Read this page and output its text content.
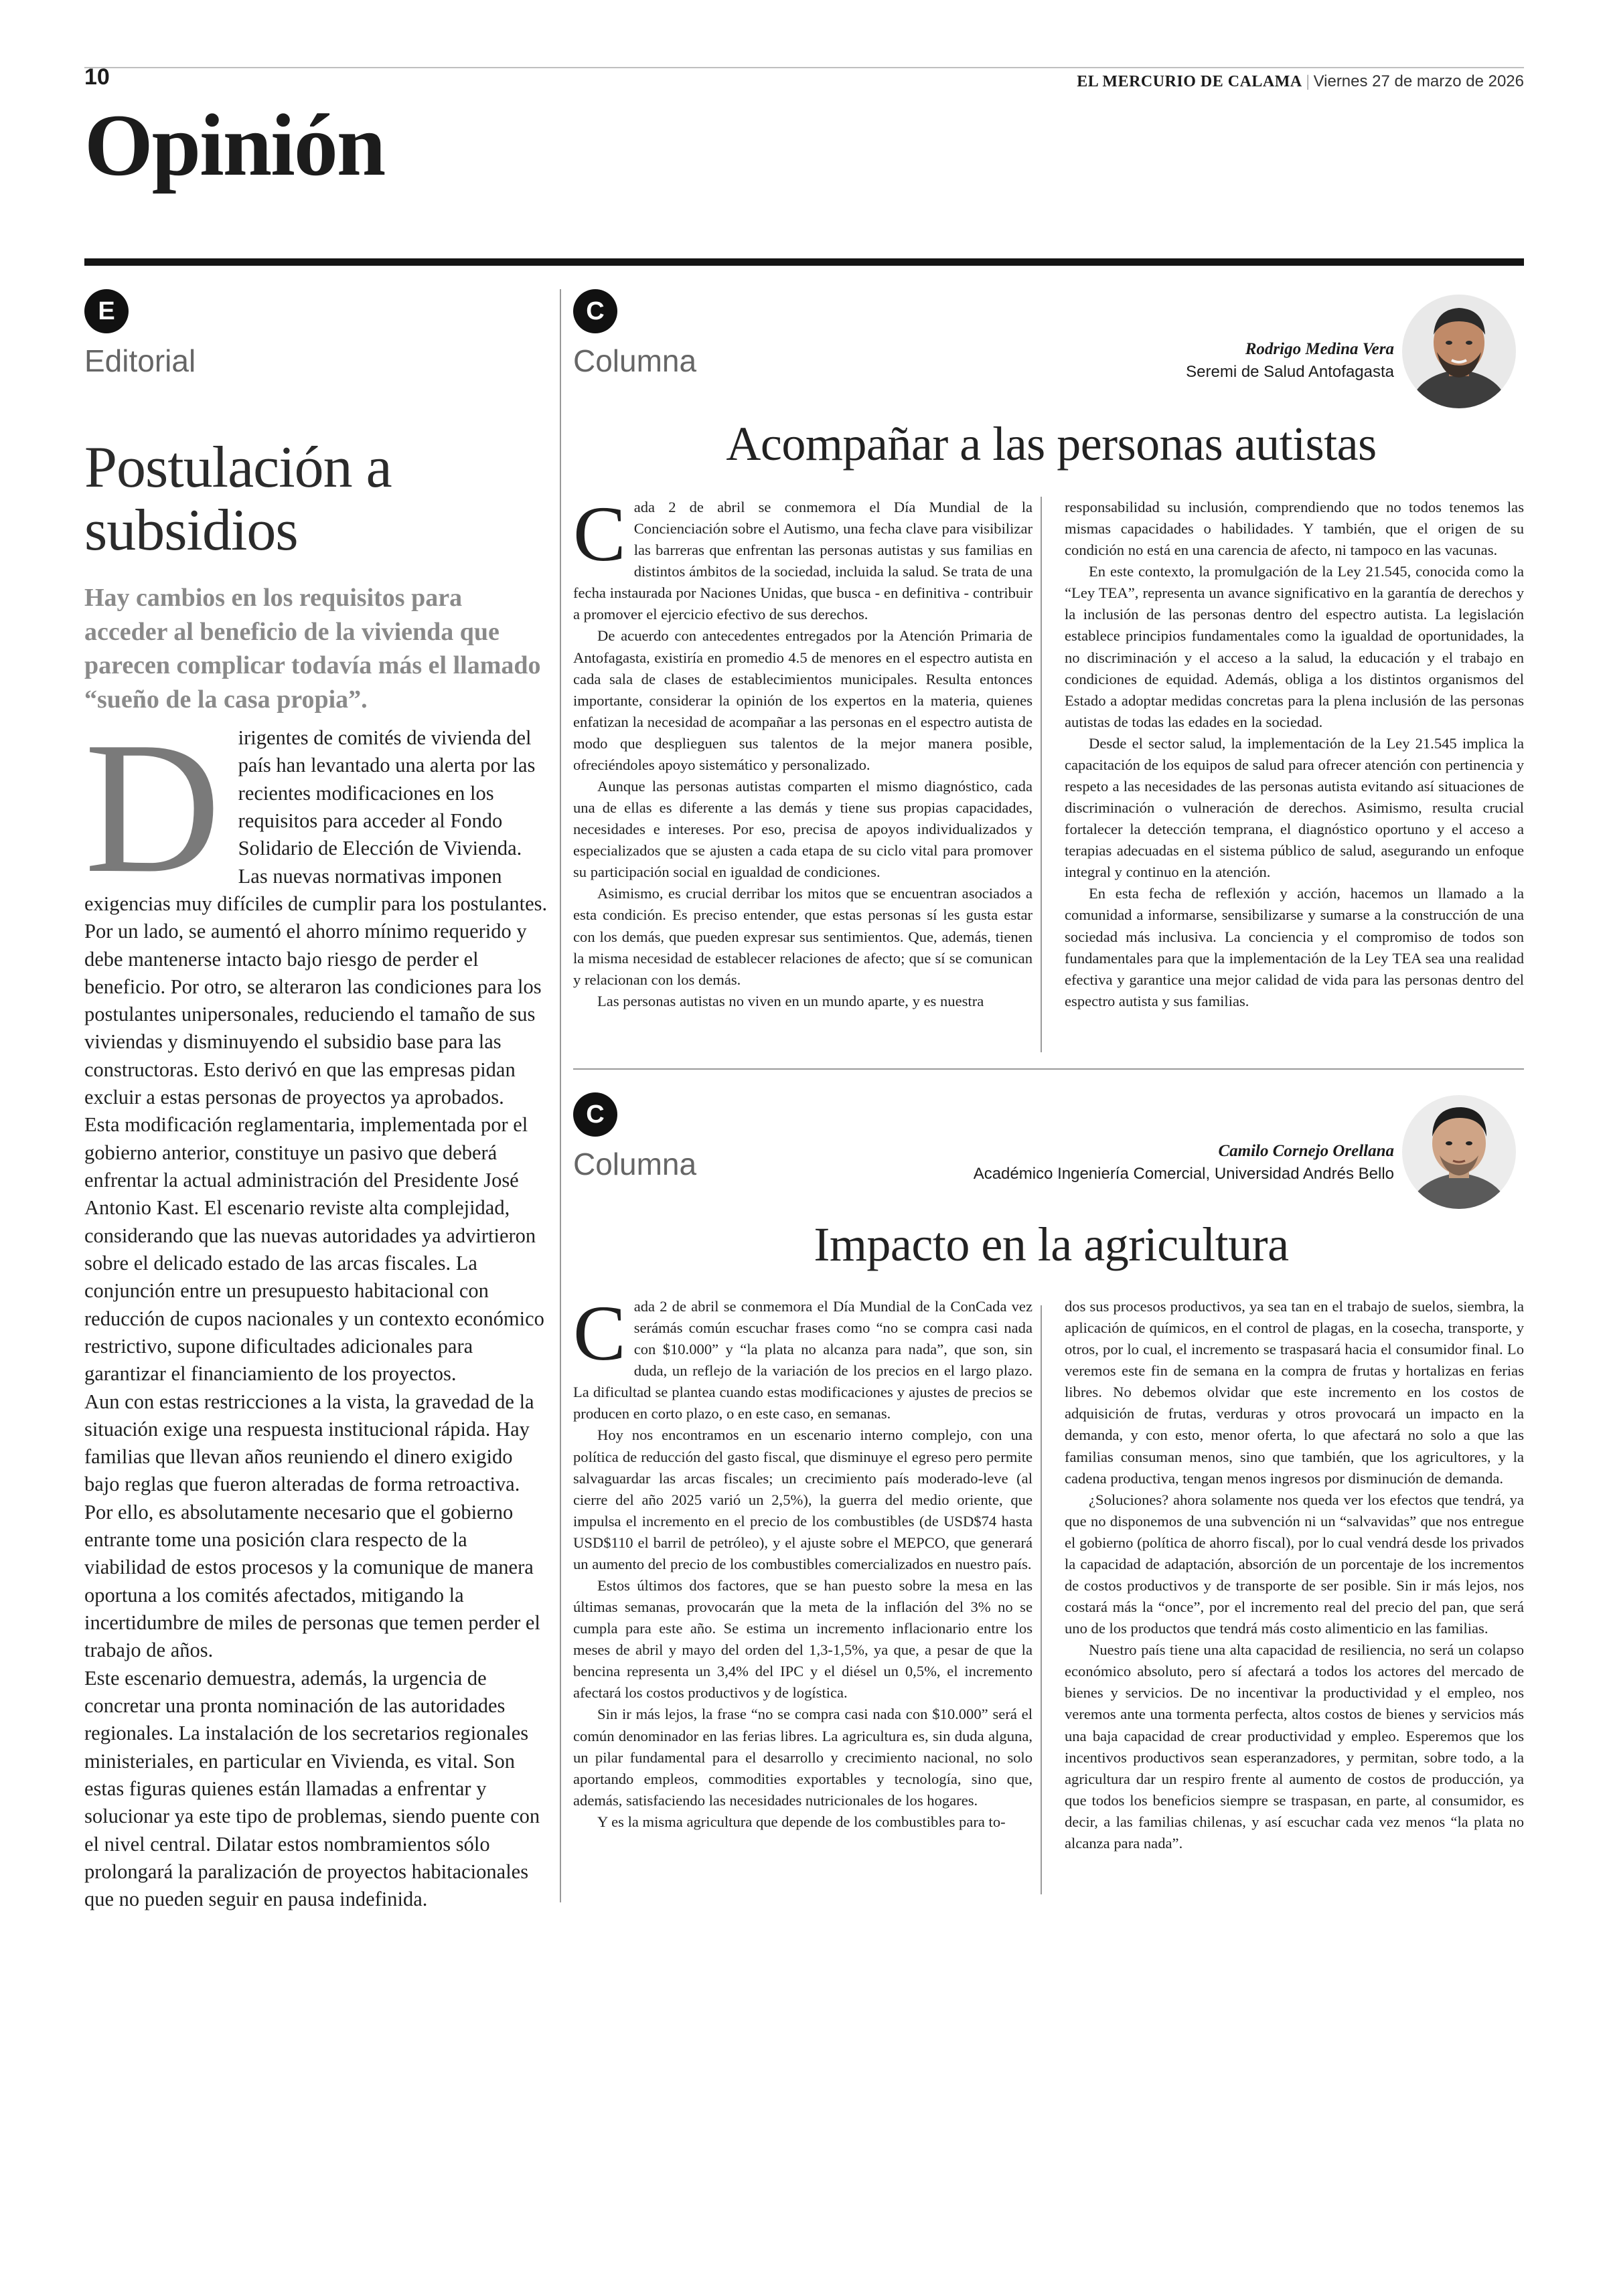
10	EL MERCURIO DE CALAMA | Viernes 27 de marzo de 2026
Opinión
E
Editorial
Postulación a subsidios
Hay cambios en los requisitos para acceder al beneficio de la vivienda que parecen complicar todavía más el llamado “sueño de la casa propia”.
D irigentes de comités de vivienda del país han levantado una alerta por las recientes modificaciones en los requisitos para acceder al Fondo Solidario de Elección de Vivienda. Las nuevas normativas imponen exigencias muy difíciles de cumplir para los postulantes. Por un lado, se aumentó el ahorro mínimo requerido y debe mantenerse intacto bajo riesgo de perder el beneficio. Por otro, se alteraron las condiciones para los postulantes unipersonales, reduciendo el tamaño de sus viviendas y disminuyendo el subsidio base para las constructoras. Esto derivó en que las empresas pidan excluir a estas personas de proyectos ya aprobados.

Esta modificación reglamentaria, implementada por el gobierno anterior, constituye un pasivo que deberá enfrentar la actual administración del Presidente José Antonio Kast. El escenario reviste alta complejidad, considerando que las nuevas autoridades ya advirtieron sobre el delicado estado de las arcas fiscales. La conjunción entre un presupuesto habitacional con reducción de cupos nacionales y un contexto económico restrictivo, supone dificultades adicionales para garantizar el financiamiento de los proyectos.

Aun con estas restricciones a la vista, la gravedad de la situación exige una respuesta institucional rápida. Hay familias que llevan años reuniendo el dinero exigido bajo reglas que fueron alteradas de forma retroactiva. Por ello, es absolutamente necesario que el gobierno entrante tome una posición clara respecto de la viabilidad de estos procesos y la comunique de manera oportuna a los comités afectados, mitigando la incertidumbre de miles de personas que temen perder el trabajo de años.

Este escenario demuestra, además, la urgencia de concretar una pronta nominación de las autoridades regionales. La instalación de los secretarios regionales ministeriales, en particular en Vivienda, es vital. Son estas figuras quienes están llamadas a enfrentar y solucionar ya este tipo de problemas, siendo puente con el nivel central. Dilatar estos nombramientos sólo prolongará la paralización de proyectos habitacionales que no pueden seguir en pausa indefinida.

C
Columna	Rodrigo Medina Vera
Seremi de Salud Antofagasta
Acompañar a las personas autistas
C ada 2 de abril se conmemora el Día Mundial de la Concienciación sobre el Autismo, una fecha clave para visibilizar las barreras que enfrentan las personas autistas y sus familias en distintos ámbitos de la sociedad, incluida la salud. Se trata de una fecha instaurada por Naciones Unidas, que busca - en definitiva - contribuir a promover el ejercicio efectivo de sus derechos.

De acuerdo con antecedentes entregados por la Atención Primaria de Antofagasta, existiría en promedio 4.5 de menores en el espectro autista en cada sala de clases de establecimientos municipales. Resulta entonces importante, considerar la opinión de los expertos en la materia, quienes enfatizan la necesidad de acompañar a las personas en el espectro autista de modo que desplieguen sus talentos de la mejor manera posible, ofreciéndoles apoyo sistemático y personalizado.

Aunque las personas autistas comparten el mismo diagnóstico, cada una de ellas es diferente a las demás y tiene sus propias capacidades, necesidades e intereses. Por eso, precisa de apoyos individualizados y especializados que se ajusten a cada etapa de su ciclo vital para promover su participación social en igualdad de condiciones.

Asimismo, es crucial derribar los mitos que se encuentran asociados a esta condición. Es preciso entender, que estas personas sí les gusta estar con los demás, que pueden expresar sus sentimientos. Que, además, tienen la misma necesidad de establecer relaciones de afecto; que sí se comunican y relacionan con los demás.

Las personas autistas no viven en un mundo aparte, y es nuestra

responsabilidad su inclusión, comprendiendo que no todos tenemos las mismas capacidades o habilidades. Y también, que el origen de su condición no está en una carencia de afecto, ni tampoco en las vacunas.

En este contexto, la promulgación de la Ley 21.545, conocida como la “Ley TEA”, representa un avance significativo en la garantía de derechos y la inclusión de las personas dentro del espectro autista. La legislación establece principios fundamentales como la igualdad de oportunidades, la no discriminación y el acceso a la salud, la educación y el trabajo en condiciones de equidad. Además, obliga a los distintos organismos del Estado a adoptar medidas concretas para la plena inclusión de las personas autistas de todas las edades en la sociedad.

Desde el sector salud, la implementación de la Ley 21.545 implica la capacitación de los equipos de salud para ofrecer atención con pertinencia y respeto a las necesidades de las personas autista evitando así situaciones de discriminación o vulneración de derechos. Asimismo, resulta crucial fortalecer la detección temprana, el diagnóstico oportuno y el acceso a terapias adecuadas en el sistema público de salud, asegurando un enfoque integral y continuo en la atención.

En esta fecha de reflexión y acción, hacemos un llamado a la comunidad a informarse, sensibilizarse y sumarse a la construcción de una sociedad más inclusiva. La conciencia y el compromiso de todos son fundamentales para que la implementación de la Ley TEA sea una realidad efectiva y garantice una mejor calidad de vida para las personas dentro del espectro autista y sus familias.

C
Columna	Camilo Cornejo Orellana
Académico Ingeniería Comercial, Universidad Andrés Bello
Impacto en la agricultura
C ada 2 de abril se conmemora el Día Mundial de la ConCada vez serámás común escuchar frases como “no se compra casi nada con $10.000” y “la plata no alcanza para nada”, que son, sin duda, un reflejo de la variación de los precios en el largo plazo. La dificultad se plantea cuando estas modificaciones y ajustes de precios se producen en corto plazo, o en este caso, en semanas.

Hoy nos encontramos en un escenario interno complejo, con una política de reducción del gasto fiscal, que disminuye el egreso pero permite salvaguardar las arcas fiscales; un crecimiento país moderado-leve (al cierre del año 2025 varió un 2,5%), la guerra del medio oriente, que impulsa el incremento en el precio de los combustibles (de USD$74 hasta USD$110 el barril de petróleo), y el ajuste sobre el MEPCO, que generará un aumento del precio de los combustibles comercializados en nuestro país.

Estos últimos dos factores, que se han puesto sobre la mesa en las últimas semanas, provocarán que la meta de la inflación del 3% no se cumpla para este año. Se estima un incremento inflacionario entre los meses de abril y mayo del orden del 1,3-1,5%, ya que, a pesar de que la bencina representa un 3,4% del IPC y el diésel un 0,5%, el incremento afectará los costos productivos y de logística.

Sin ir más lejos, la frase “no se compra casi nada con $10.000” será el común denominador en las ferias libres. La agricultura es, sin duda alguna, un pilar fundamental para el desarrollo y crecimiento nacional, no solo aportando empleos, commodities exportables y tecnología, sino que, además, satisfaciendo las necesidades nutricionales de los hogares.

Y es la misma agricultura que depende de los combustibles para to-

dos sus procesos productivos, ya sea tan en el trabajo de suelos, siembra, la aplicación de químicos, en el control de plagas, en la cosecha, transporte, y otros, por lo cual, el incremento se traspasará hacia el consumidor final. Lo veremos este fin de semana en la compra de frutas y hortalizas en ferias libres. No debemos olvidar que este incremento en los costos de adquisición de frutas, verduras y otros provocará un impacto en la demanda, y con esto, menor oferta, lo que afectará no solo a que las familias consuman menos, sino que también, que los agricultores, y la cadena productiva, tengan menos ingresos por disminución de demanda.

¿Soluciones? ahora solamente nos queda ver los efectos que tendrá, ya que no disponemos de una subvención ni un “salvavidas” que nos entregue el gobierno (política de ahorro fiscal), por lo cual vendrá desde los privados la capacidad de adaptación, absorción de un porcentaje de los incrementos de costos productivos y de transporte de ser posible. Sin ir más lejos, nos costará más la “once”, por el incremento real del precio del pan, que será uno de los productos que tendrá más costo alimenticio en las familias.

Nuestro país tiene una alta capacidad de resiliencia, no será un colapso económico absoluto, pero sí afectará a todos los actores del mercado de bienes y servicios. De no incentivar la productividad y el empleo, nos veremos ante una tormenta perfecta, altos costos de bienes y servicios más una baja capacidad de crear productividad y empleo. Esperemos que los incentivos productivos sean esperanzadores, y permitan, sobre todo, a la agricultura dar un respiro frente al aumento de costos de producción, ya que todos los beneficios siempre se traspasan, en parte, al consumidor, es decir, a las familias chilenas, y así escuchar cada vez menos “la plata no alcanza para nada”.
